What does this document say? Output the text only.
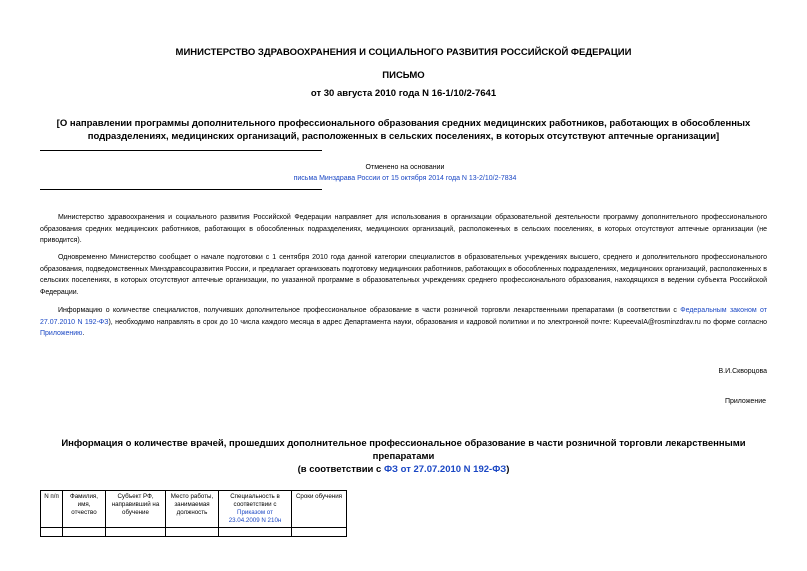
МИНИСТЕРСТВО ЗДРАВООХРАНЕНИЯ И СОЦИАЛЬНОГО РАЗВИТИЯ РОССИЙСКОЙ ФЕДЕРАЦИИ
ПИСЬМО
от 30 августа 2010 года N 16-1/10/2-7641
[О направлении программы дополнительного профессионального образования средних медицинских работников, работающих в обособленных подразделениях, медицинских организаций, расположенных в сельских поселениях, в которых отсутствуют аптечные организации]
Отменено на основании
письма Минздрава России от 15 октября 2014 года N 13-2/10/2-7834
Министерство здравоохранения и социального развития Российской Федерации направляет для использования в организации образовательной деятельности программу дополнительного профессионального образования средних медицинских работников, работающих в обособленных подразделениях, медицинских организаций, расположенных в сельских поселениях, в которых отсутствуют аптечные организации (не приводится).
Одновременно Министерство сообщает о начале подготовки с 1 сентября 2010 года данной категории специалистов в образовательных учреждениях высшего, среднего и дополнительного профессионального образования, подведомственных Минздравсоцразвития России, и предлагает организовать подготовку медицинских работников, работающих в обособленных подразделениях, медицинских организаций, расположенных в сельских поселениях, в которых отсутствуют аптечные организации, по указанной программе в образовательных учреждениях среднего профессионального образования, находящихся в ведении субъекта Российской Федерации.
Информацию о количестве специалистов, получивших дополнительное профессиональное образование в части розничной торговли лекарственными препаратами (в соответствии с Федеральным законом от 27.07.2010 N 192-ФЗ), необходимо направлять в срок до 10 числа каждого месяца в адрес Департамента науки, образования и кадровой политики и по электронной почте: KupeevaIA@rosminzdrav.ru по форме согласно Приложению.
В.И.Скворцова
Приложение
Информация о количестве врачей, прошедших дополнительное профессиональное образование в части розничной торговли лекарственными препаратами
(в соответствии с ФЗ от 27.07.2010 N 192-ФЗ)
N п/п	Фамилия, имя, отчество	Субъект РФ, направивший на обучение	Место работы, занимаемая должность	Специальность в соответствии с Приказом от 23.04.2009 N 210н	Сроки обучения
